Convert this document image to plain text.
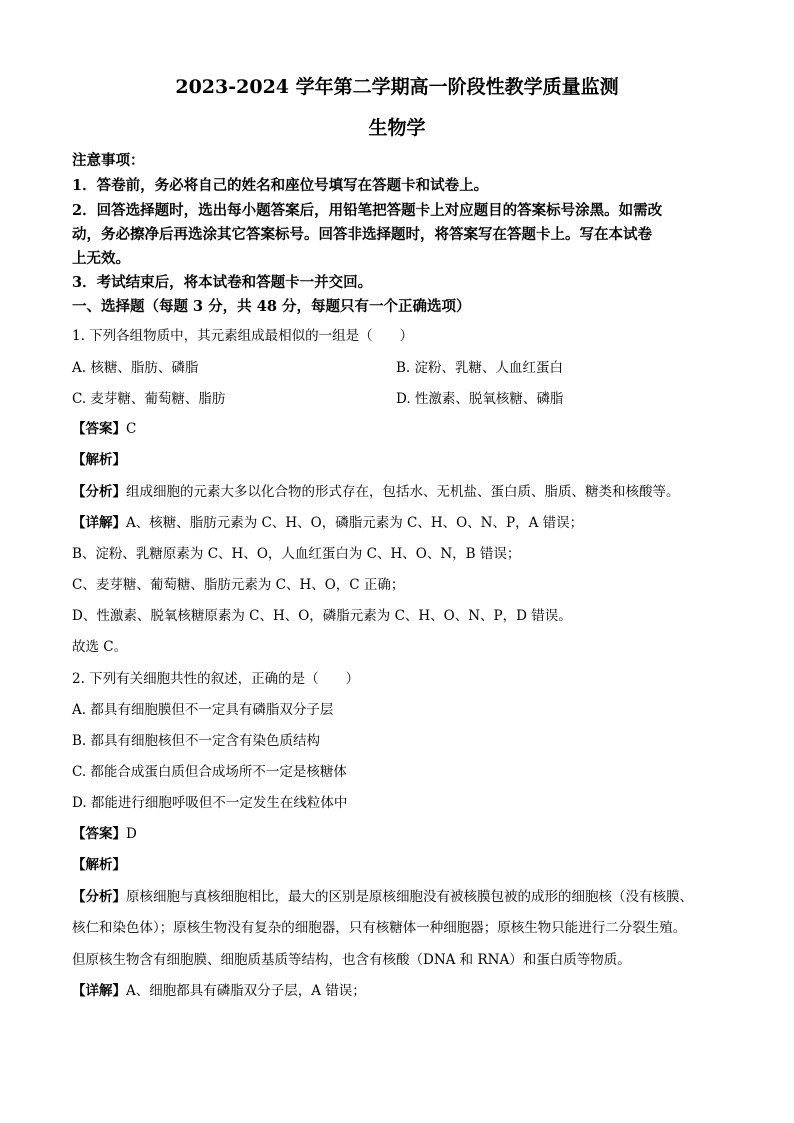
2023-2024 学年第二学期高一阶段性教学质量监测
生物学
注意事项：
1．答卷前，务必将自己的姓名和座位号填写在答题卡和试卷上。
2．回答选择题时，选出每小题答案后，用铅笔把答题卡上对应题目的答案标号涂黑。如需改
动，务必擦净后再选涂其它答案标号。回答非选择题时，将答案写在答题卡上。写在本试卷
上无效。
3．考试结束后，将本试卷和答题卡一并交回。
一、选择题（每题 3 分，共 48 分，每题只有一个正确选项）
1. 下列各组物质中，其元素组成最相似的一组是（　　）
A. 核糖、脂肪、磷脂	B. 淀粉、乳糖、人血红蛋白
C. 麦芽糖、葡萄糖、脂肪	D. 性激素、脱氧核糖、磷脂
【答案】C
【解析】
【分析】组成细胞的元素大多以化合物的形式存在，包括水、无机盐、蛋白质、脂质、糖类和核酸等。
【详解】A、核糖、脂肪元素为 C、H、O，磷脂元素为 C、H、O、N、P，A 错误；
B、淀粉、乳糖原素为 C、H、O，人血红蛋白为 C、H、O、N，B 错误；
C、麦芽糖、葡萄糖、脂肪元素为 C、H、O，C 正确；
D、性激素、脱氧核糖原素为 C、H、O，磷脂元素为 C、H、O、N、P，D 错误。
故选 C。
2. 下列有关细胞共性的叙述，正确的是（　　）
A. 都具有细胞膜但不一定具有磷脂双分子层
B. 都具有细胞核但不一定含有染色质结构
C. 都能合成蛋白质但合成场所不一定是核糖体
D. 都能进行细胞呼吸但不一定发生在线粒体中
【答案】D
【解析】
【分析】原核细胞与真核细胞相比，最大的区别是原核细胞没有被核膜包被的成形的细胞核（没有核膜、
核仁和染色体）；原核生物没有复杂的细胞器，只有核糖体一种细胞器；原核生物只能进行二分裂生殖。
但原核生物含有细胞膜、细胞质基质等结构，也含有核酸（DNA 和 RNA）和蛋白质等物质。
【详解】A、细胞都具有磷脂双分子层，A 错误；
